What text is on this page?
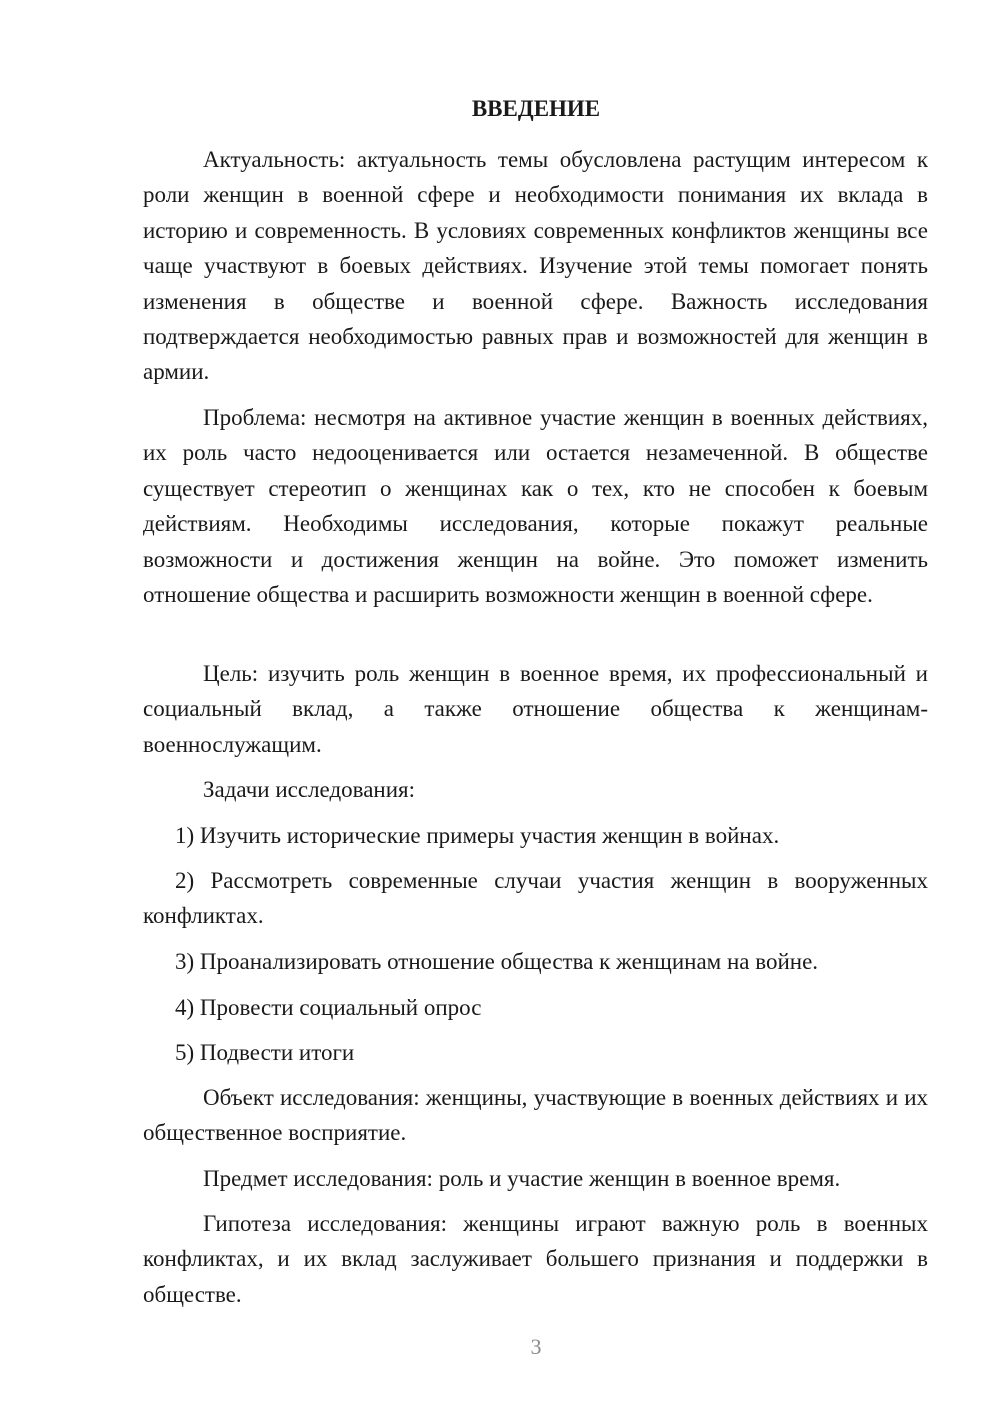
ВВЕДЕНИЕ

Актуальность: актуальность темы обусловлена растущим интересом к роли женщин в военной сфере и необходимости понимания их вклада в историю и современность. В условиях современных конфликтов женщины все чаще участвуют в боевых действиях. Изучение этой темы помогает понять изменения в обществе и военной сфере. Важность исследования подтверждается необходимостью равных прав и возможностей для женщин в армии.

Проблема: несмотря на активное участие женщин в военных действиях, их роль часто недооценивается или остается незамеченной. В обществе существует стереотип о женщинах как о тех, кто не способен к боевым действиям. Необходимы исследования, которые покажут реальные возможности и достижения женщин на войне. Это поможет изменить отношение общества и расширить возможности женщин в военной сфере.

Цель: изучить роль женщин в военное время, их профессиональный и социальный вклад, а также отношение общества к женщинам-военнослужащим.

Задачи исследования:

1) Изучить исторические примеры участия женщин в войнах.

2) Рассмотреть современные случаи участия женщин в вооруженных конфликтах.

3) Проанализировать отношение общества к женщинам на войне.

4) Провести социальный опрос

5) Подвести итоги

Объект исследования: женщины, участвующие в военных действиях и их общественное восприятие.

Предмет исследования: роль и участие женщин в военное время.

Гипотеза исследования: женщины играют важную роль в военных конфликтах, и их вклад заслуживает большего признания и поддержки в обществе.

3
